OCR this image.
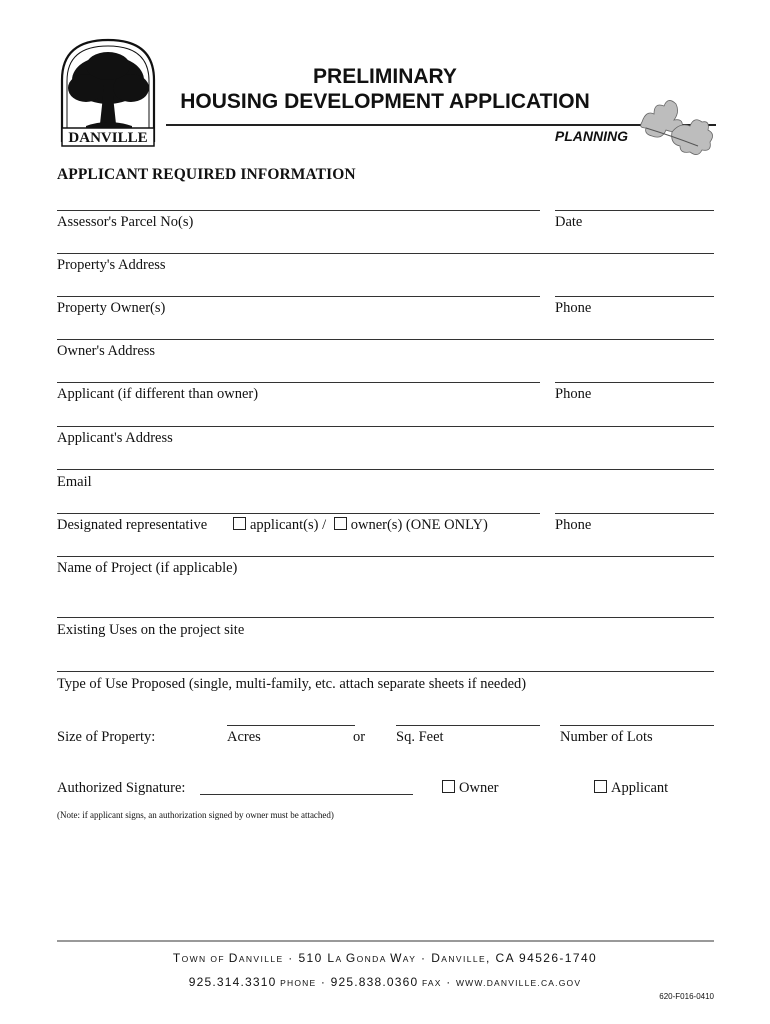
DANVILLE
PRELIMINARY
HOUSING DEVELOPMENT APPLICATION
PLANNING
APPLICANT REQUIRED INFORMATION
Assessor's Parcel No(s)	Date
Property's Address
Property Owner(s)	Phone
Owner's Address
Applicant (if different than owner)	Phone
Applicant's Address
Email
Designated representative	applicant(s) / owner(s) (ONE ONLY)	Phone
Name of Project (if applicable)
Existing Uses on the project site
Type of Use Proposed (single, multi-family, etc. attach separate sheets if needed)
Size of Property:	Acres	or Sq. Feet	Number of Lots
Authorized Signature:	Owner	Applicant
(Note: if applicant signs, an authorization signed by owner must be attached)
TOWN OF DANVILLE · 510 LA GONDA WAY · DANVILLE, CA 94526-1740
925.314.3310 PHONE · 925.838.0360 FAX · WWW.DANVILLE.CA.GOV
620-F016-0410
